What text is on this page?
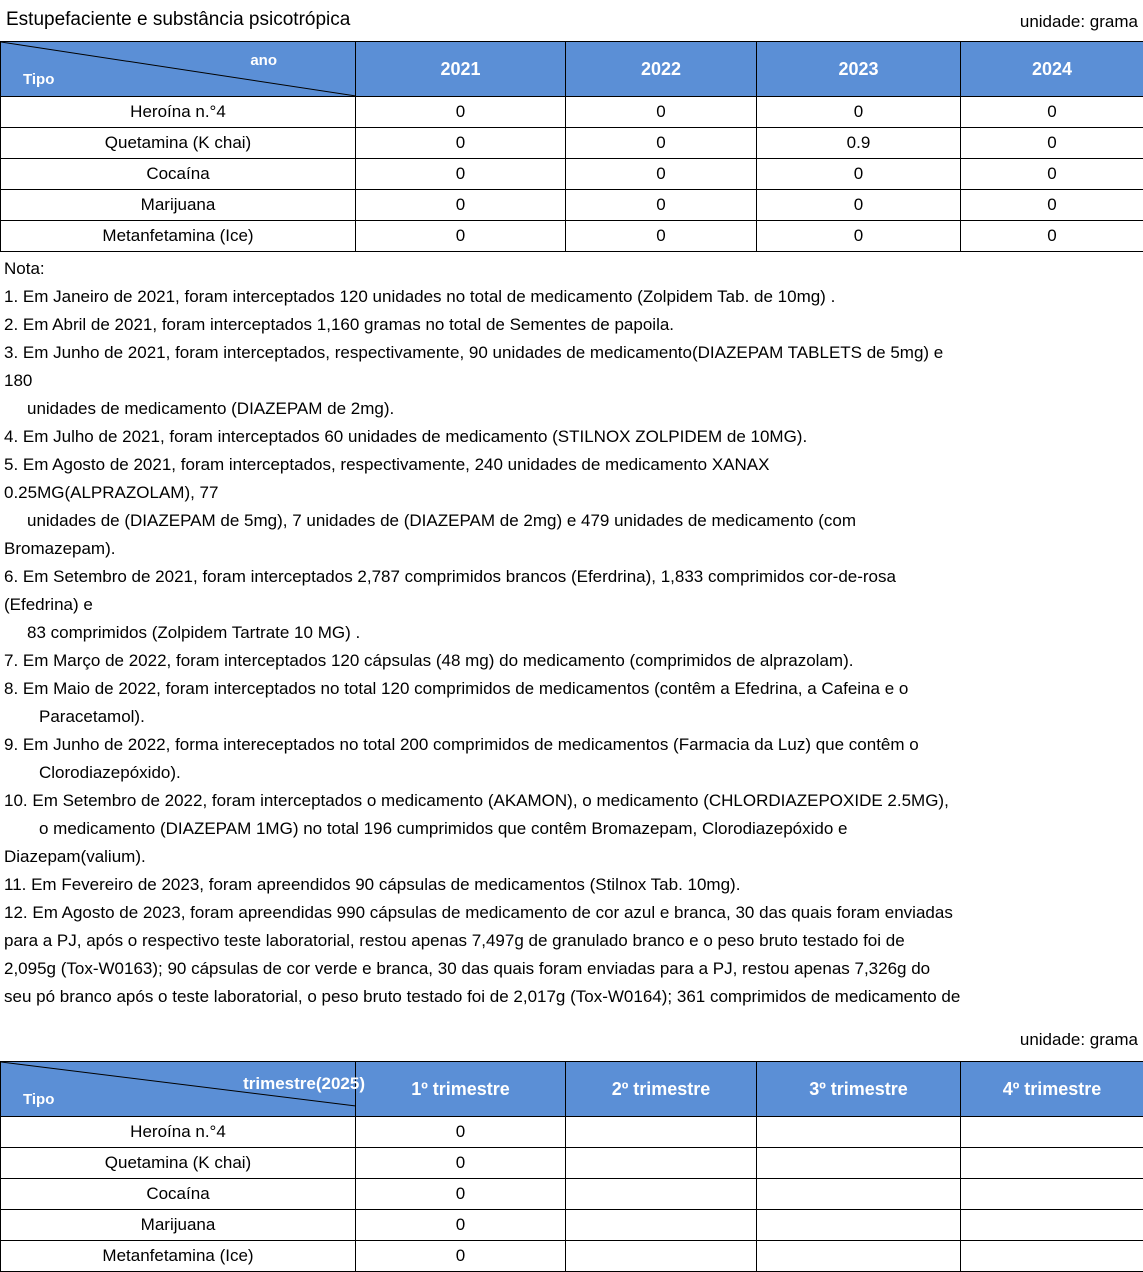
Estupefaciente e substância psicotrópica	unidade: grama
ano
Tipo	2021	2022	2023	2024
Heroína n.°4	0	0	0	0
Quetamina (K chai)	0	0	0.9	0
Cocaína	0	0	0	0
Marijuana	0	0	0	0
Metanfetamina (Ice)	0	0	0	0

Nota:

1. Em Janeiro de 2021, foram interceptados 120 unidades no total de medicamento (Zolpidem Tab. de 10mg) .

2. Em Abril de 2021, foram interceptados 1,160 gramas no total de Sementes de papoila.

3. Em Junho de 2021, foram interceptados, respectivamente, 90 unidades de medicamento(DIAZEPAM TABLETS de 5mg) e

180

unidades de medicamento (DIAZEPAM de 2mg).

4. Em Julho de 2021, foram interceptados 60 unidades de medicamento (STILNOX ZOLPIDEM de 10MG).

5. Em Agosto de 2021, foram interceptados, respectivamente, 240 unidades de medicamento XANAX

0.25MG(ALPRAZOLAM), 77

unidades de (DIAZEPAM de 5mg), 7 unidades de (DIAZEPAM de 2mg) e 479 unidades de medicamento (com

Bromazepam).

6. Em Setembro de 2021, foram interceptados 2,787 comprimidos brancos (Eferdrina), 1,833 comprimidos cor-de-rosa

(Efedrina) e

83 comprimidos (Zolpidem Tartrate 10 MG) .

7. Em Março de 2022, foram interceptados 120 cápsulas (48 mg) do medicamento (comprimidos de alprazolam).

8. Em Maio de 2022, foram interceptados no total 120 comprimidos de medicamentos (contêm a Efedrina, a Cafeina e o

Paracetamol).

9. Em Junho de 2022, forma intereceptados no total 200 comprimidos de medicamentos (Farmacia da Luz) que contêm o

Clorodiazepóxido).

10. Em Setembro de 2022, foram interceptados o medicamento (AKAMON), o medicamento (CHLORDIAZEPOXIDE 2.5MG),

o medicamento (DIAZEPAM 1MG) no total 196 cumprimidos que contêm Bromazepam, Clorodiazepóxido e

Diazepam(valium).

11. Em Fevereiro de 2023, foram apreendidos 90 cápsulas de medicamentos (Stilnox Tab. 10mg).

12. Em Agosto de 2023, foram apreendidas 990 cápsulas de medicamento de cor azul e branca, 30 das quais foram enviadas

para a PJ, após o respectivo teste laboratorial, restou apenas 7,497g de granulado branco e o peso bruto testado foi de

2,095g (Tox-W0163); 90 cápsulas de cor verde e branca, 30 das quais foram enviadas para a PJ, restou apenas 7,326g do

seu pó branco após o teste laboratorial, o peso bruto testado foi de 2,017g (Tox-W0164); 361 comprimidos de medicamento de

unidade: grama
trimestre(2025)
Tipo	1º trimestre	2º trimestre	3º trimestre	4º trimestre
Heroína n.°4	0			
Quetamina (K chai)	0			
Cocaína	0			
Marijuana	0			
Metanfetamina (Ice)	0			
